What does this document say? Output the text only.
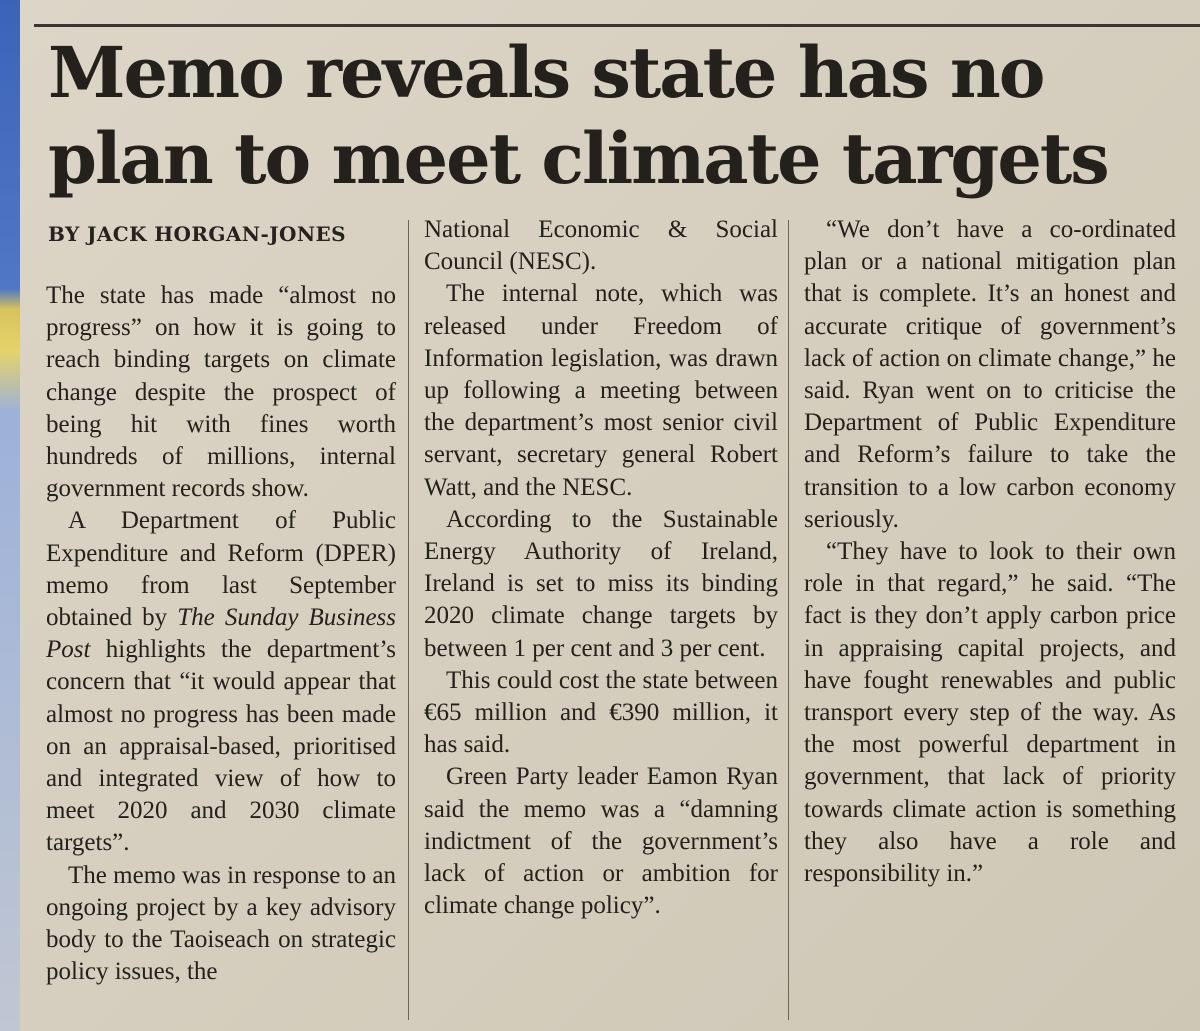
Memo reveals state has no plan to meet climate targets
BY JACK HORGAN-JONES

The state has made “almost no progress” on how it is going to reach binding targets on climate change despite the prospect of being hit with fines worth hundreds of millions, internal government records show.

A Department of Public Expenditure and Reform (DPER) memo from last September obtained by The Sunday Business Post highlights the department’s concern that “it would appear that almost no progress has been made on an appraisal-based, prioritised and integrated view of how to meet 2020 and 2030 climate targets”.

The memo was in response to an ongoing project by a key advisory body to the Taoiseach on strategic policy issues, the

National Economic & Social Council (NESC).

The internal note, which was released under Freedom of Information legislation, was drawn up following a meeting between the department’s most senior civil servant, secretary general Robert Watt, and the NESC.

According to the Sustainable Energy Authority of Ireland, Ireland is set to miss its binding 2020 climate change targets by between 1 per cent and 3 per cent.

This could cost the state between €65 million and €390 million, it has said.

Green Party leader Eamon Ryan said the memo was a “damning indictment of the government’s lack of action or ambition for climate change policy”.

“We don’t have a co-ordinated plan or a national mitigation plan that is complete. It’s an honest and accurate critique of government’s lack of action on climate change,” he said. Ryan went on to criticise the Department of Public Expenditure and Reform’s failure to take the transition to a low carbon economy seriously.

“They have to look to their own role in that regard,” he said. “The fact is they don’t apply carbon price in appraising capital projects, and have fought renewables and public transport every step of the way. As the most powerful department in government, that lack of priority towards climate action is something they also have a role and responsibility in.”
